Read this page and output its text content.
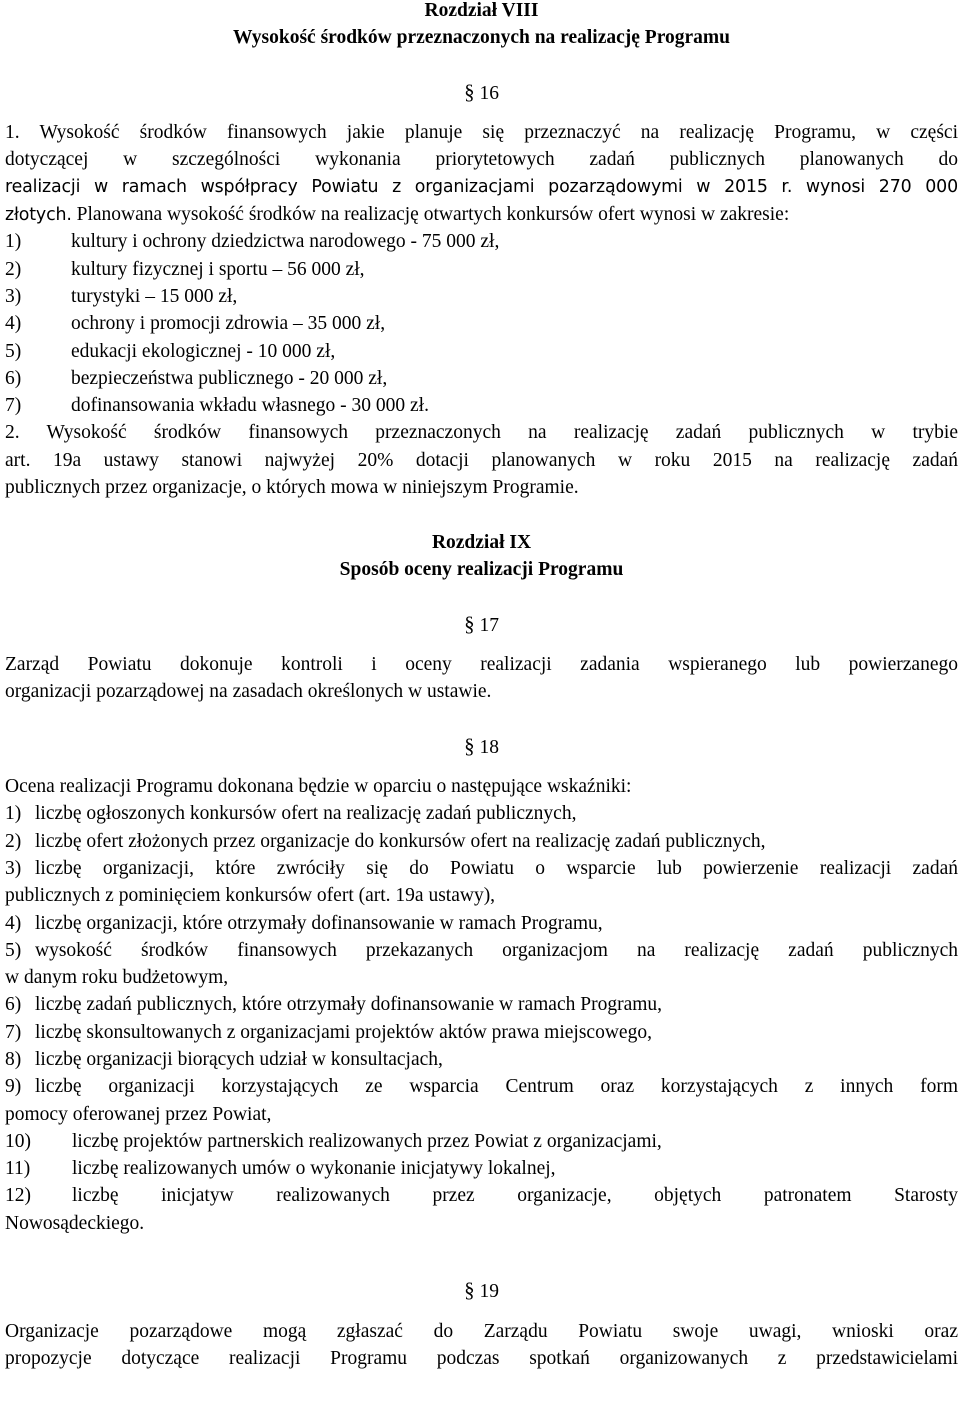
Rozdział VIII
Wysokość środków przeznaczonych na realizację Programu
§ 16
1. Wysokość środków finansowych jakie planuje się przeznaczyć na realizację Programu, w części
dotyczącej w szczególności wykonania priorytetowych zadań publicznych planowanych do
realizacji w ramach współpracy Powiatu z organizacjami pozarządowymi w 2015 r. wynosi 270 000
złotych. Planowana wysokość środków na realizację otwartych konkursów ofert wynosi w zakresie:
1)	kultury i ochrony dziedzictwa narodowego - 75 000 zł,
2)	kultury fizycznej i sportu – 56 000 zł,
3)	turystyki – 15 000 zł,
4)	ochrony i promocji zdrowia – 35 000 zł,
5)	edukacji ekologicznej - 10 000 zł,
6)	bezpieczeństwa publicznego - 20 000 zł,
7)	dofinansowania wkładu własnego - 30 000 zł.
2. Wysokość środków finansowych przeznaczonych na realizację zadań publicznych w trybie
art. 19a ustawy stanowi najwyżej 20% dotacji planowanych w roku 2015 na realizację zadań
publicznych przez organizacje, o których mowa w niniejszym Programie.
Rozdział IX
Sposób oceny realizacji Programu
§ 17
Zarząd Powiatu dokonuje kontroli i oceny realizacji zadania wspieranego lub powierzanego
organizacji pozarządowej na zasadach określonych w ustawie.
§ 18
Ocena realizacji Programu dokonana będzie w oparciu o następujące wskaźniki:
1) liczbę ogłoszonych konkursów ofert na realizację zadań publicznych,
2) liczbę ofert złożonych przez organizacje do konkursów ofert na realizację zadań publicznych,
3) liczbę organizacji, które zwróciły się do Powiatu o wsparcie lub powierzenie realizacji zadań
publicznych z pominięciem konkursów ofert (art. 19a ustawy),
4) liczbę organizacji, które otrzymały dofinansowanie w ramach Programu,
5) wysokość środków finansowych przekazanych organizacjom na realizację zadań publicznych
w danym roku budżetowym,
6) liczbę zadań publicznych, które otrzymały dofinansowanie w ramach Programu,
7) liczbę skonsultowanych z organizacjami projektów aktów prawa miejscowego,
8) liczbę organizacji biorących udział w konsultacjach,
9) liczbę organizacji korzystających ze wsparcia Centrum oraz korzystających z innych form
pomocy oferowanej przez Powiat,
10)	liczbę projektów partnerskich realizowanych przez Powiat z organizacjami,
11)	liczbę realizowanych umów o wykonanie inicjatywy lokalnej,
12)	liczbę inicjatyw realizowanych przez organizacje, objętych patronatem Starosty
Nowosądeckiego.
§ 19
Organizacje pozarządowe mogą zgłaszać do Zarządu Powiatu swoje uwagi, wnioski oraz
propozycje dotyczące realizacji Programu podczas spotkań organizowanych z przedstawicielami
